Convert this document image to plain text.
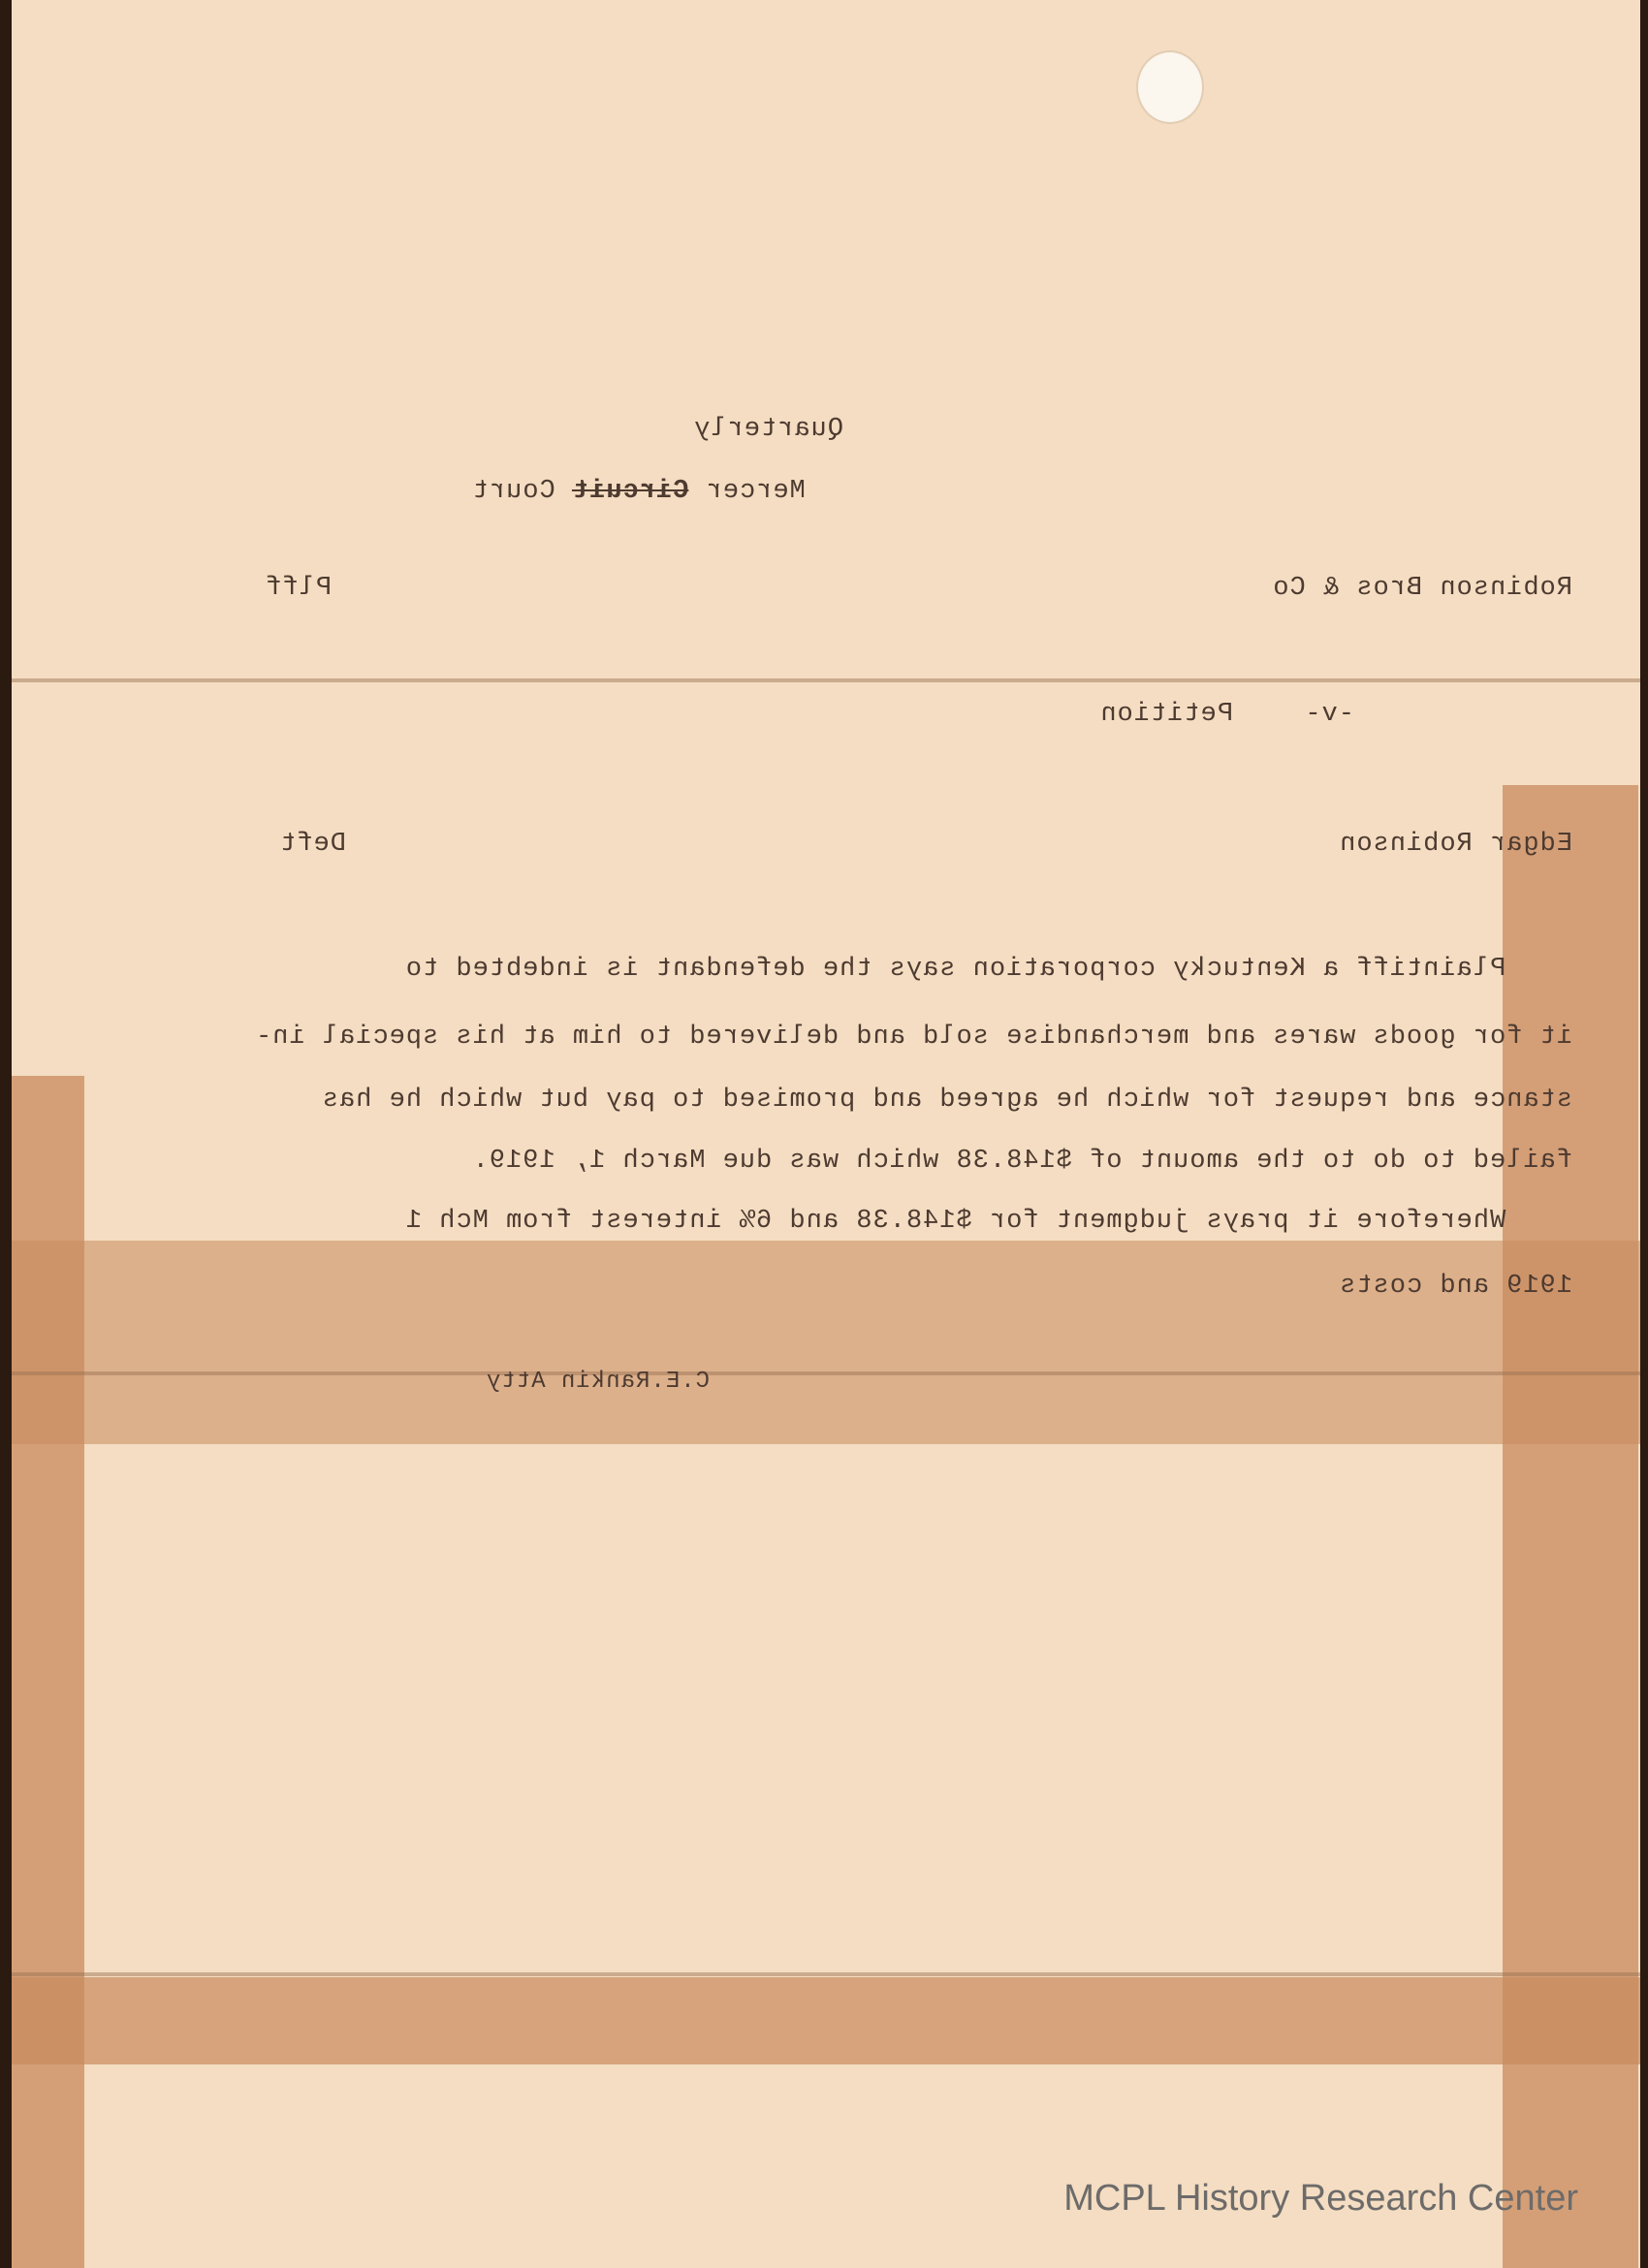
Quarterly

Mercer Circuit Court

Robinson Bros & Co
Plff
-v-
Petition
Edgar Robinson
Deft
Plaintiff a Kentucky corporation says the defendant is indebted to
it for goods wares and merchandise sold and delivered to him at his special in-
stance and request for which he agreed and promised to pay but which he has
failed to do to the amount of $148.38 which was due March 1, 1919.
Wherefore it prays judgment for $148.38 and 6% interest from Mch 1
1919 and costs
C.E.Rankin Atty
MCPL History Research Center
